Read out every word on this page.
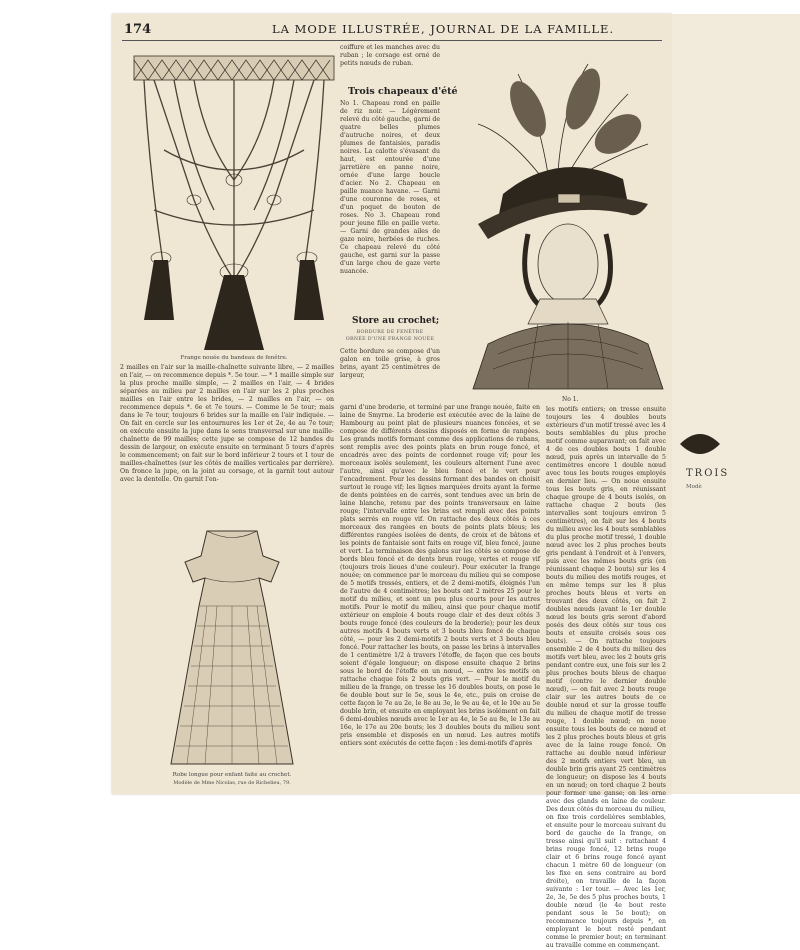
174	LA MODE ILLUSTRÉE, JOURNAL DE LA FAMILLE.
Frange nouée du bandeau de fenêtre.
2 mailles en l'air sur la maille-chaînette suivante libre, — 2 mailles en l'air, — on recommence depuis *. 5e tour. — * 1 maille simple sur la plus proche maille simple, — 2 mailles en l'air, — 4 brides séparées au milieu par 2 mailles en l'air sur les 2 plus proches mailles en l'air entre les brides, — 2 mailles en l'air, — on recommence depuis *. 6e et 7e tours. — Comme le 5e tour; mais dans le 7e tour, toujours 6 brides sur la maille en l'air indiquée. — On fait en cercle sur les entournures les 1er et 2e, 4e au 7e tour; on exécute ensuite la jupe dans le sens transversal sur une maille-chaînette de 99 mailles; cette jupe se compose de 12 bandes du dessin de largeur, on exécute ensuite en terminant 5 tours d'après le commencement; on fait sur le bord inférieur 2 tours et 1 tour de mailles-chaînettes (sur les côtés de mailles verticales par derrière). On fronce la jupe, on la joint au corsage, et la garnit tout autour avec la dentelle. On garnit l'en-
Robe longue pour enfant faite au crochet.
Modèle de Mme Nicolas, rue de Richelieu, 79.
coiffure et les manches avec du ruban ; le corsage est orné de petits nœuds de ruban.
Trois chapeaux d'été
No 1. Chapeau rond en paille de riz noir. — Légèrement relevé du côté gauche, garni de quatre belles plumes d'autruche noires, et deux plumes de fantaisies, paradis noires. La calotte s'évasant du haut, est entourée d'une jarretière en panne noire, ornée d'une large boucle d'acier. No 2. Chapeau en paille nuance havane. — Garni d'une couronne de roses, et d'un poquet de bouton de roses. No 3. Chapeau rond pour jeune fille en paille verte. — Garni de grandes ailes de gaze noire, herbées de ruches. Ce chapeau relevé du côté gauche, est garni sur la passe d'un large chou de gaze verte nuancée.
Store au crochet;
BORDURE DE FENÊTRE
ORNÉE D'UNE FRANGE NOUÉE
Cette bordure se compose d'un galon en toile grise, à gros brins, ayant 25 centimètres de largeur,
garni d'une broderie, et terminé par une frange nouée, faite en laine de Smyrne. La broderie est exécutée avec de la laine de Hambourg au point plat de plusieurs nuances foncées, et se compose de différents dessins disposés en forme de rangées. Les grands motifs formant comme des applications de rubans, sont remplis avec des points plats en brun rouge foncé, et encadrés avec des points de cordonnet rouge vif; pour les morceaux isolés seulement, les couleurs alternent l'une avec l'autre, ainsi qu'avec le bleu foncé et le vert pour l'encadrement. Pour les dessins formant des bandes on choisit surtout le rouge vif; les lignes marquées droits ayant la forme de dents pointées en de carrés, sont tendues avec un brin de laine blanche, retenu par des points transversaux en laine rouge; l'intervalle entre les brins est rempli avec des points plats serrés en rouge vif. On rattache des deux côtés à ces morceaux des rangées en bouts de points plats bleus; les différentes rangées isolées de dents, de croix et de bâtons et les points de fantaisie sont faits en rouge vif, bleu foncé, jaune et vert. La terminaison des galons sur les côtés se compose de bords bleu foncé et de dents brun rouge, vertes et rouge vif (toujours trois lieues d'une couleur). Pour exécuter la frange nouée; on commence par le morceau du milieu qui se compose de 5 motifs tressés, entiers, et de 2 demi-motifs, éloignés l'un de l'autre de 4 centimètres; les bouts ont 2 mètres 25 pour le motif du milieu, et sont un peu plus courts pour les autres motifs. Pour le motif du milieu, ainsi que pour chaque motif extérieur on emploie 4 bouts rouge clair et des deux côtés 3 bouts rouge foncé (des couleurs de la broderie); pour les deux autres motifs 4 bouts verts et 3 bouts bleu foncé de chaque côté, — pour les 2 demi-motifs 2 bouts verts et 3 bouts bleu foncé. Pour rattacher les bouts, on passe les brins à intervalles de 1 centimètre 1/2 à travers l'étoffe, de façon que ces bouts soient d'égale longueur; on dispose ensuite chaque 2 brins sous le bord de l'étoffe en un nœud, — entre les motifs on rattache chaque fois 2 bouts gris vert. — Pour le motif du milieu de la frange, on tresse les 16 doubles bouts, on pose le 6e double bout sur le 5e, sous le 4e, etc., puis on croise de cette façon le 7e au 2e, le 8e au 3e, le 9e au 4e, et le 10e au 5e double brin, et ensuite en employant les brins isolément on fait 6 demi-doubles nœuds avec le 1er au 4e, le 5e au 8e, le 13e au 16e, le 17e au 20e bouts; les 3 doubles bouts du milieu sont pris ensemble et disposés en un nœud. Les autres motifs entiers sont exécutés de cette façon : les demi-motifs d'après
No 1.
les motifs entiers; on tresse ensuite toujours les 4 doubles bouts extérieurs d'un motif tressé avec les 4 bouts semblables du plus proche motif comme auparavant; on fait avec 4 de ces doubles bouts 1 double nœud, puis après un intervalle de 5 centimètres encore 1 double nœud avec tous les bouts rouges employés en dernier lieu. — On noue ensuite tous les bouts gris, en réunissant chaque groupe de 4 bouts isolés, on rattache chaque 2 bouts (les intervalles sont toujours environ 5 centimètres), on fait sur les 4 bouts du milieu avec les 4 bouts semblables du plus proche motif tressé, 1 double nœud avec les 2 plus proches bouts gris pendant à l'endroit et à l'envers, puis avec les mêmes bouts gris (en réunissant chaque 2 bouts) sur les 4 bouts du milieu des motifs rouges, et en même temps sur les 8 plus proches bouts bleus et verts en trouvant des deux côtés, on fait 2 doubles nœuds (avant le 1er double nœud les bouts gris seront d'abord posés des deux côtés sur tous ces bouts et ensuite croisés sous ces bouts). — On rattache toujours ensemble 2 de 4 bouts du milieu des motifs vert bleu, avec les 2 bouts gris pendant contre eux, une fois sur les 2 plus proches bouts bleus de chaque motif (contre le dernier double nœud), — on fait avec 2 bouts rouge clair sur les autres bouts de ce double nœud et sur la grosse touffe du milieu de chaque motif de tresse rouge, 1 double nœud; on noue ensuite tous les bouts de ce nœud et les 2 plus proches bouts bleus et gris avec de la laine rouge foncé. On rattache au double nœud inférieur des 2 motifs entiers vert bleu, un double brin gris ayant 25 centimètres de longueur; on dispose les 4 bouts en un nœud; on tord chaque 2 bouts pour former une ganse; on les orne avec des glands en laine de couleur. Des deux côtés du morceau du milieu, on fixe trois cordelières semblables, et ensuite pour le morceau suivant du bord de gauche de la frange, on tresse ainsi qu'il suit : rattachant 4 brins rouge foncé, 12 brins rouge clair et 6 brins rouge foncé ayant chacun 1 mètre 60 de longueur (on les fixe en sens contraire au bord droite), on travaille de la façon suivante : 1er tour. — Avec les 1er, 2e, 3e, 5e des 5 plus proches bouts, 1 double nœud (le 4e bout reste pendant sous le 5e bout); on recommence toujours depuis *, en employant le bout resté pendant comme le premier bout; en terminant au travaille comme en commençant.
TROIS
Modè
